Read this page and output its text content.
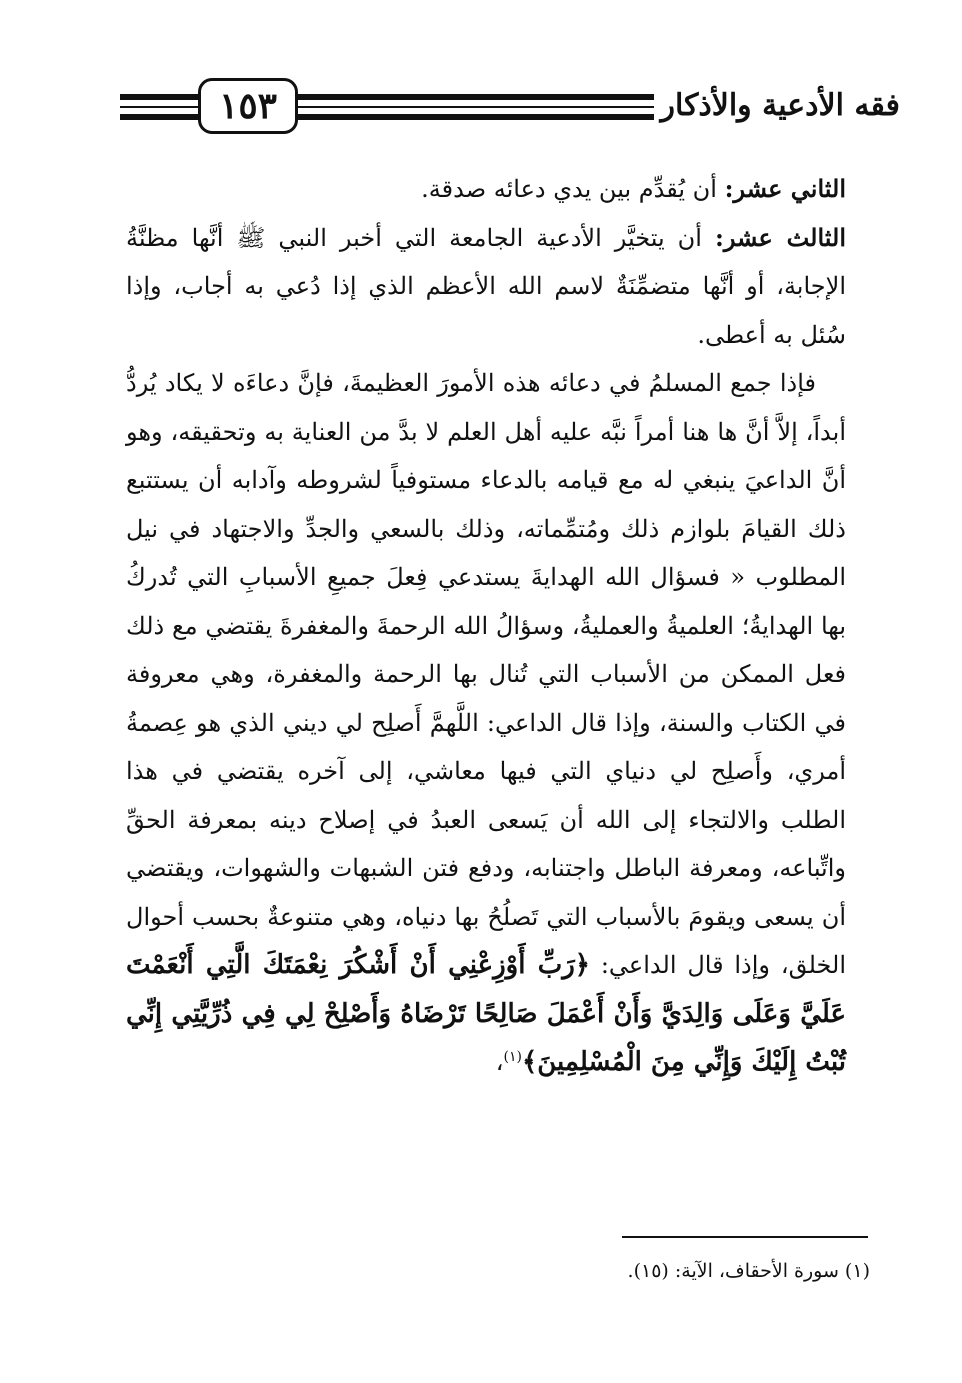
فقه الأدعية والأذكار
١٥٣

الثاني عشر: أن يُقدِّم بين يدي دعائه صدقة.

الثالث عشر: أن يتخيَّر الأدعية الجامعة التي أخبر النبي ﷺ أنَّها مظنَّةُ الإجابة، أو أنَّها متضمِّنَةٌ لاسم الله الأعظم الذي إذا دُعي به أجاب، وإذا سُئل به أعطى.

فإذا جمع المسلمُ في دعائه هذه الأمورَ العظيمةَ، فإنَّ دعاءَه لا يكاد يُردُّ أبداً، إلاَّ أنَّ ها هنا أمراً نبَّه عليه أهل العلم لا بدَّ من العناية به وتحقيقه، وهو أنَّ الداعيَ ينبغي له مع قيامه بالدعاء مستوفياً لشروطه وآدابه أن يستتبع ذلك القيامَ بلوازم ذلك ومُتمِّماته، وذلك بالسعي والجدِّ والاجتهاد في نيل المطلوب « فسؤال الله الهدايةَ يستدعي فِعلَ جميعِ الأسبابِ التي تُدركُ بها الهدايةُ؛ العلميةُ والعمليةُ، وسؤالُ الله الرحمةَ والمغفرةَ يقتضي مع ذلك فعل الممكن من الأسباب التي تُنال بها الرحمة والمغفرة، وهي معروفة في الكتاب والسنة، وإذا قال الداعي: اللَّهمَّ أَصلِح لي ديني الذي هو عِصمةُ أمري، وأَصلِح لي دنياي التي فيها معاشي، إلى آخره يقتضي في هذا الطلب والالتجاء إلى الله أن يَسعى العبدُ في إصلاح دينه بمعرفة الحقِّ واتِّباعه، ومعرفة الباطل واجتنابه، ودفع فتن الشبهات والشهوات، ويقتضي أن يسعى ويقومَ بالأسباب التي تَصلُحُ بها دنياه، وهي متنوعةٌ بحسب أحوال الخلق، وإذا قال الداعي: ﴿رَبِّ أَوْزِعْنِي أَنْ أَشْكُرَ نِعْمَتَكَ الَّتِي أَنْعَمْتَ عَلَيَّ وَعَلَى وَالِدَيَّ وَأَنْ أَعْمَلَ صَالِحًا تَرْضَاهُ وَأَصْلِحْ لِي فِي ذُرِّيَّتِي إِنِّي تُبْتُ إِلَيْكَ وَإِنِّي مِنَ الْمُسْلِمِينَ﴾$^{(١)}$،

(١) سورة الأحقاف، الآية: (١٥).
